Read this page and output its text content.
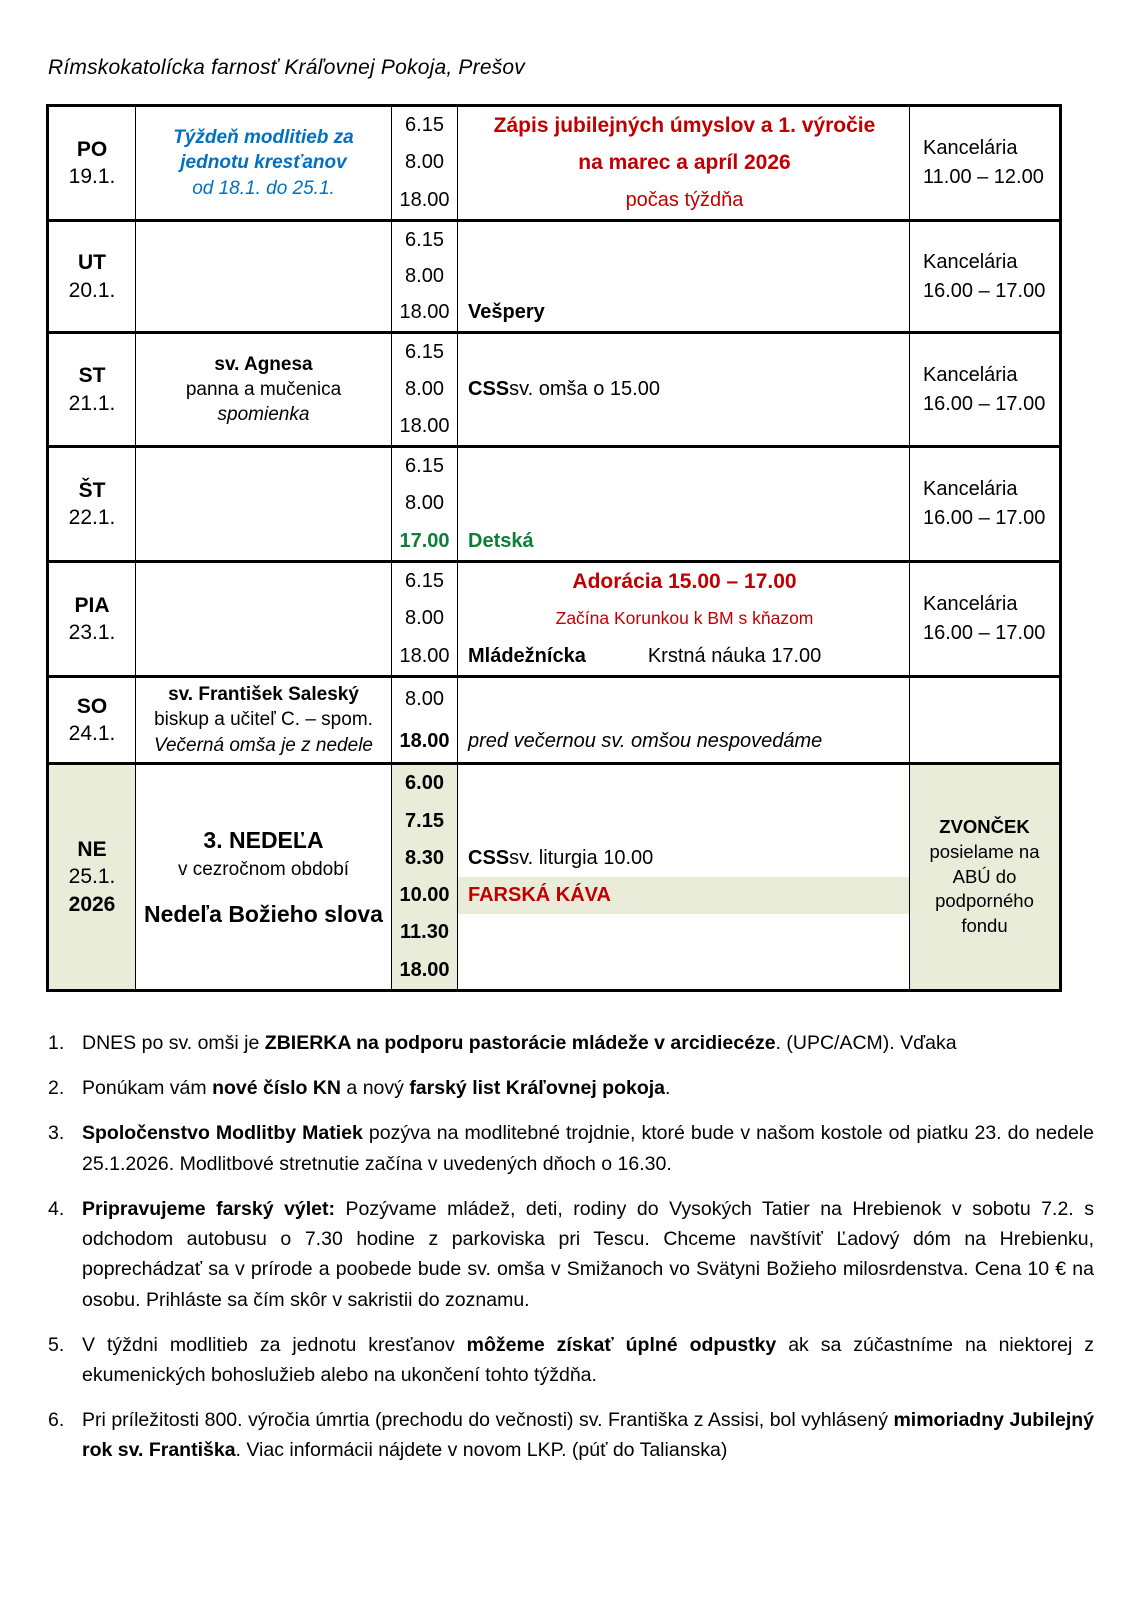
Rímskokatolícka farnosť Kráľovnej Pokoja, Prešov

PO
19.1.
Týždeň modlitieb za
jednotu kresťanov
od 18.1. do 25.1.
6.15
8.00
18.00
Zápis jubilejných úmyslov a 1. výročie
na marec a apríl 2026
počas týždňa
Kancelária
11.00 – 12.00
UT
20.1.
6.15
8.00
18.00 Vešpery
Kancelária
16.00 – 17.00
ST
21.1.
sv. Agnesa
panna a mučenica
spomienka
6.15
8.00
18.00
CSS sv. omša o 15.00
Kancelária
16.00 – 17.00
ŠT
22.1.
6.15
8.00
17.00 Detská
Kancelária
16.00 – 17.00
PIA
23.1.
6.15
8.00
18.00
Adorácia 15.00 – 17.00
Začína Korunkou k BM s kňazom
Mládežnícka	Krstná náuka 17.00
Kancelária
16.00 – 17.00
SO
24.1.
sv. František Saleský
biskup a učiteľ C. – spom.
Večerná omša je z nedele
8.00
18.00 pred večernou sv. omšou nespovedáme
NE
25.1.
2026
3. NEDEĽA
v cezročnom období
Nedeľa Božieho slova
6.00
7.15
8.30
10.00
11.30
18.00
CSS sv. liturgia 10.00
FARSKÁ KÁVA
ZVONČEK
posielame na ABÚ do podporného fondu
1. DNES po sv. omši je ZBIERKA na podporu pastorácie mládeže v arcidiecéze. (UPC/ACM). Vďaka
2. Ponúkam vám nové číslo KN a nový farský list Kráľovnej pokoja.
3. Spoločenstvo Modlitby Matiek pozýva na modlitebné trojdnie, ktoré bude v našom kostole od piatku 23. do nedele 25.1.2026. Modlitbové stretnutie začína v uvedených dňoch o 16.30.
4. Pripravujeme farský výlet: Pozývame mládež, deti, rodiny do Vysokých Tatier na Hrebienok v sobotu 7.2. s odchodom autobusu o 7.30 hodine z parkoviska pri Tescu. Chceme navštíviť Ľadový dóm na Hrebienku, poprechádzať sa v prírode a poobede bude sv. omša v Smižanoch vo Svätyni Božieho milosrdenstva. Cena 10 € na osobu. Prihláste sa čím skôr v sakristii do zoznamu.
5. V týždni modlitieb za jednotu kresťanov môžeme získať úplné odpustky ak sa zúčastníme na niektorej z ekumenických bohoslužieb alebo na ukončení tohto týždňa.
6. Pri príležitosti 800. výročia úmrtia (prechodu do večnosti) sv. Františka z Assisi, bol vyhlásený mimoriadny Jubilejný rok sv. Františka. Viac informácii nájdete v novom LKP. (púť do Talianska)
